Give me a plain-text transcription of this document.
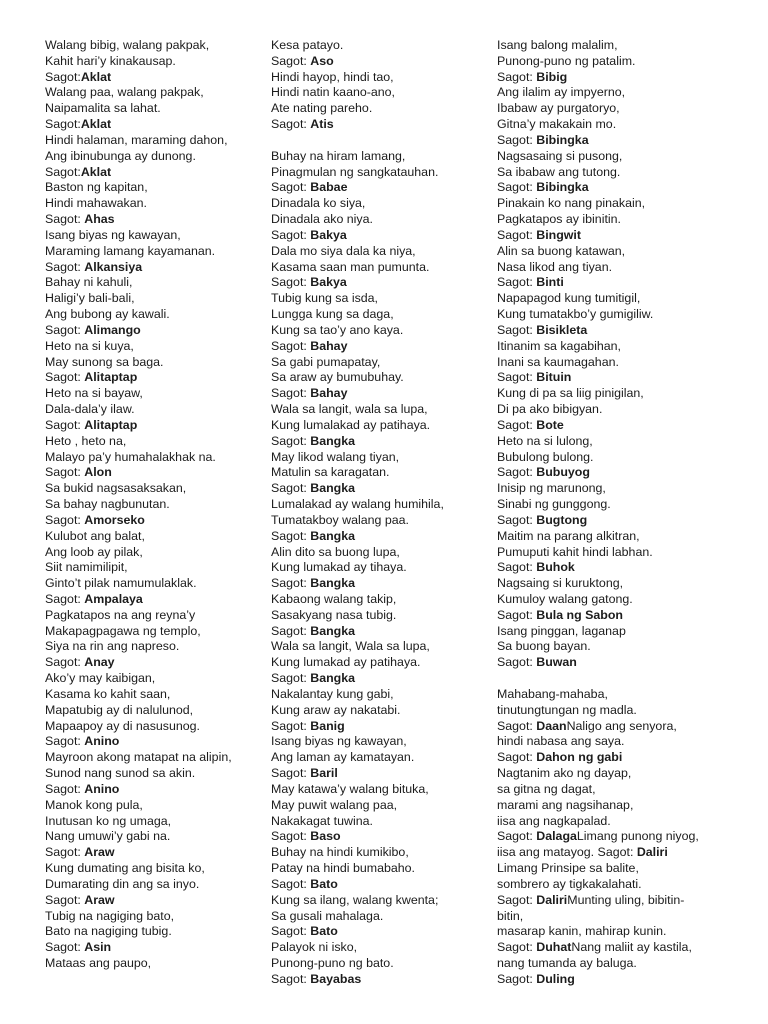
Walang bibig, walang pakpak,
Kahit hari’y kinakausap.
Sagot:Aklat
Walang paa, walang pakpak,
Naipamalita sa lahat.
Sagot:Aklat
Hindi halaman, maraming dahon,
Ang ibinubunga ay dunong.
Sagot:Aklat
Baston ng kapitan,
Hindi mahawakan.
Sagot: Ahas
Isang biyas ng kawayan,
Maraming lamang kayamanan.
Sagot: Alkansiya
Bahay ni kahuli,
Haligi’y bali-bali,
Ang bubong ay kawali.
Sagot: Alimango
Heto na si kuya,
May sunong sa baga.
Sagot: Alitaptap
Heto na si bayaw,
Dala-dala’y ilaw.
Sagot: Alitaptap
Heto , heto na,
Malayo pa’y humahalakhak na.
Sagot: Alon
Sa bukid nagsasaksakan,
Sa bahay nagbunutan.
Sagot: Amorseko
Kulubot ang balat,
Ang loob ay pilak,
Siit namimilipit,
Ginto’t pilak namumulaklak.
Sagot: Ampalaya
Pagkatapos na ang reyna’y
Makapagpagawa ng templo,
Siya na rin ang napreso.
Sagot: Anay
Ako’y may kaibigan,
Kasama ko kahit saan,
Mapatubig ay di nalulunod,
Mapaapoy ay di nasusunog.
Sagot: Anino
Mayroon akong matapat na alipin,
Sunod nang sunod sa akin.
Sagot: Anino
Manok kong pula,
Inutusan ko ng umaga,
Nang umuwi’y gabi na.
Sagot: Araw
Kung dumating ang bisita ko,
Dumarating din ang sa inyo.
Sagot: Araw
Tubig na nagiging bato,
Bato na nagiging tubig.
Sagot: Asin
Mataas ang paupo,
Kesa patayo.
Sagot: Aso
Hindi hayop, hindi tao,
Hindi natin kaano-ano,
Ate nating pareho.
Sagot: Atis
Buhay na hiram lamang,
Pinagmulan ng sangkatauhan.
Sagot: Babae
Dinadala ko siya,
Dinadala ako niya.
Sagot: Bakya
Dala mo siya dala ka niya,
Kasama saan man pumunta.
Sagot: Bakya
Tubig kung sa isda,
Lungga kung sa daga,
Kung sa tao’y ano kaya.
Sagot: Bahay
Sa gabi pumapatay,
Sa araw ay bumubuhay.
Sagot: Bahay
Wala sa langit, wala sa lupa,
Kung lumalakad ay patihaya.
Sagot: Bangka
May likod walang tiyan,
Matulin sa karagatan.
Sagot: Bangka
Lumalakad ay walang humihila,
Tumatakboy walang paa.
Sagot: Bangka
Alin dito sa buong lupa,
Kung lumakad ay tihaya.
Sagot: Bangka
Kabaong walang takip,
Sasakyang nasa tubig.
Sagot: Bangka
Wala sa langit, Wala sa lupa,
Kung lumakad ay patihaya.
Sagot: Bangka
Nakalantay kung gabi,
Kung araw ay nakatabi.
Sagot: Banig
Isang biyas ng kawayan,
Ang laman ay kamatayan.
Sagot: Baril
May katawa’y walang bituka,
May puwit walang paa,
Nakakagat tuwina.
Sagot: Baso
Buhay na hindi kumikibo,
Patay na hindi bumabaho.
Sagot: Bato
Kung sa ilang, walang kwenta;
Sa gusali mahalaga.
Sagot: Bato
Palayok ni isko,
Punong-puno ng bato.
Sagot: Bayabas
Isang balong malalim,
Punong-puno ng patalim.
Sagot: Bibig
Ang ilalim ay impyerno,
Ibabaw ay purgatoryo,
Gitna’y makakain mo.
Sagot: Bibingka
Nagsasaing si pusong,
Sa ibabaw ang tutong.
Sagot: Bibingka
Pinakain ko nang pinakain,
Pagkatapos ay ibinitin.
Sagot: Bingwit
Alin sa buong katawan,
Nasa likod ang tiyan.
Sagot: Binti
Napapagod kung tumitigil,
Kung tumatakbo’y gumigiliw.
Sagot: Bisikleta
Itinanim sa kagabihan,
Inani sa kaumagahan.
Sagot: Bituin
Kung di pa sa liig pinigilan,
Di pa ako bibigyan.
Sagot: Bote
Heto na si lulong,
Bubulong bulong.
Sagot: Bubuyog
Inisip ng marunong,
Sinabi ng gunggong.
Sagot: Bugtong
Maitim na parang alkitran,
Pumuputi kahit hindi labhan.
Sagot: Buhok
Nagsaing si kuruktong,
Kumuloy walang gatong.
Sagot: Bula ng Sabon
Isang pinggan, laganap
Sa buong bayan.
Sagot: Buwan
Mahabang-mahaba,
tinutungtungan ng madla.
Sagot: DaanNaligo ang senyora,
hindi nabasa ang saya.
Sagot: Dahon ng gabi
Nagtanim ako ng dayap,
sa gitna ng dagat,
marami ang nagsihanap,
iisa ang nagkapalad.
Sagot: DalagaLimang punong niyog,
iisa ang matayog. Sagot: Daliri
Limang Prinsipe sa balite,
sombrero ay tigkakalahati.
Sagot: DaliriMunting uling, bibitin-
bitin,
masarap kanin, mahirap kunin.
Sagot: DuhatNang maliit ay kastila,
nang tumanda ay baluga.
Sagot: Duling
